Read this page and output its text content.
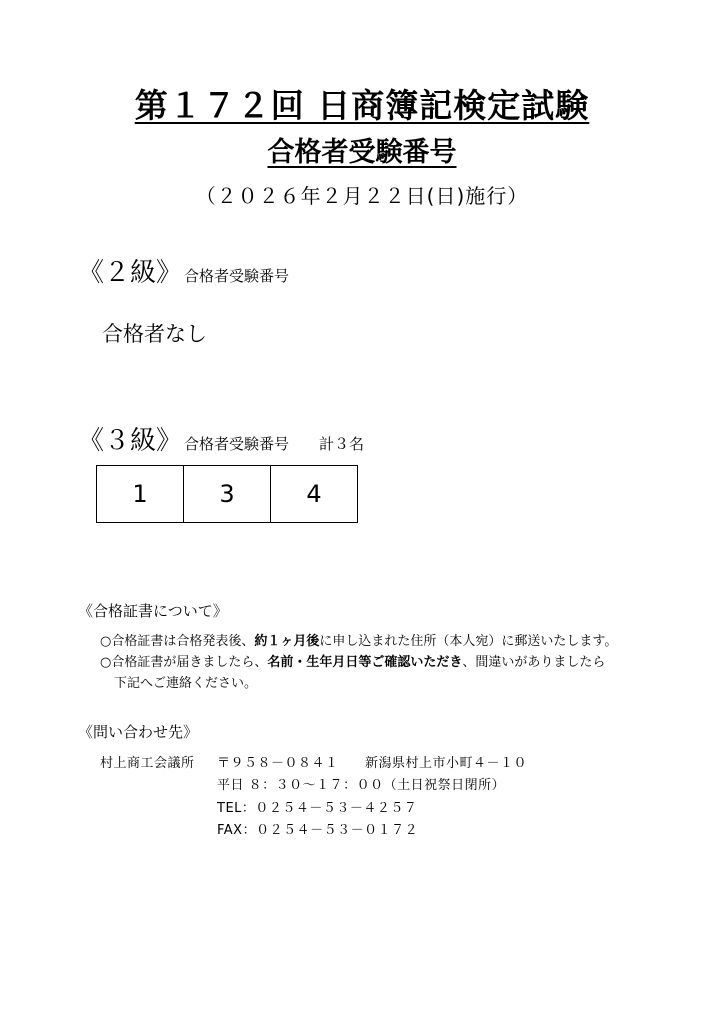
第１７２回 日商簿記検定試験
合格者受験番号
（２０２６年２月２２日(日)施行）
《２級》 合格者受験番号
合格者なし
《３級》 合格者受験番号 計３名
1	3	4
《合格証書について》
○合格証書は合格発表後、約１ヶ月後に申し込まれた住所（本人宛）に郵送いたします。
○合格証書が届きましたら、名前・生年月日等ご確認いただき、間違いがありましたら
下記へご連絡ください。
《問い合わせ先》
村上商工会議所 〒９５８－０８４１ 新潟県村上市小町４－１０
平日 ８：３０～１７：００（土日祝祭日閉所）
TEL：０２５４－５３－４２５７
FAX：０２５４－５３－０１７２
